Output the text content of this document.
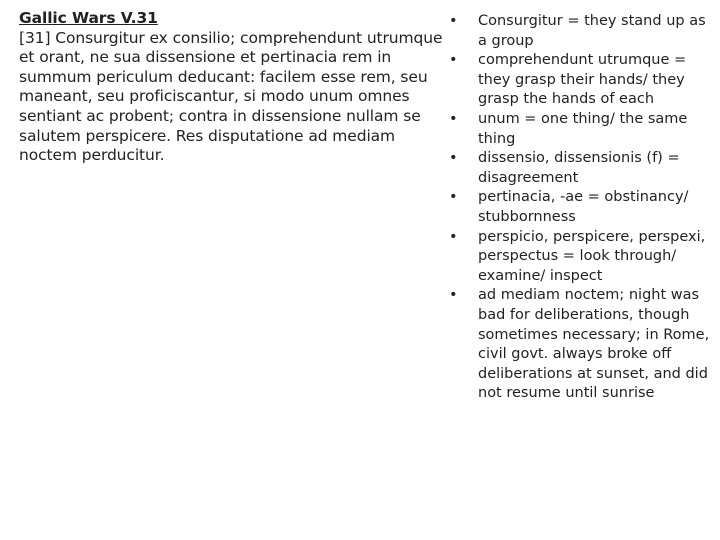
Gallic Wars V.31
[31] Consurgitur ex consilio; comprehendunt utrumque et orant, ne sua dissensione et pertinacia rem in summum periculum deducant: facilem esse rem, seu maneant, seu proficiscantur, si modo unum omnes sentiant ac probent; contra in dissensione nullam se salutem perspicere. Res disputatione ad mediam noctem perducitur.
• Consurgitur = they stand up as a group
• comprehendunt utrumque = they grasp their hands/ they grasp the hands of each
• unum = one thing/ the same thing
• dissensio, dissensionis (f) = disagreement
• pertinacia, -ae = obstinancy/ stubbornness
• perspicio, perspicere, perspexi, perspectus = look through/ examine/ inspect
• ad mediam noctem; night was bad for deliberations, though sometimes necessary; in Rome, civil govt. always broke off deliberations at sunset, and did not resume until sunrise
